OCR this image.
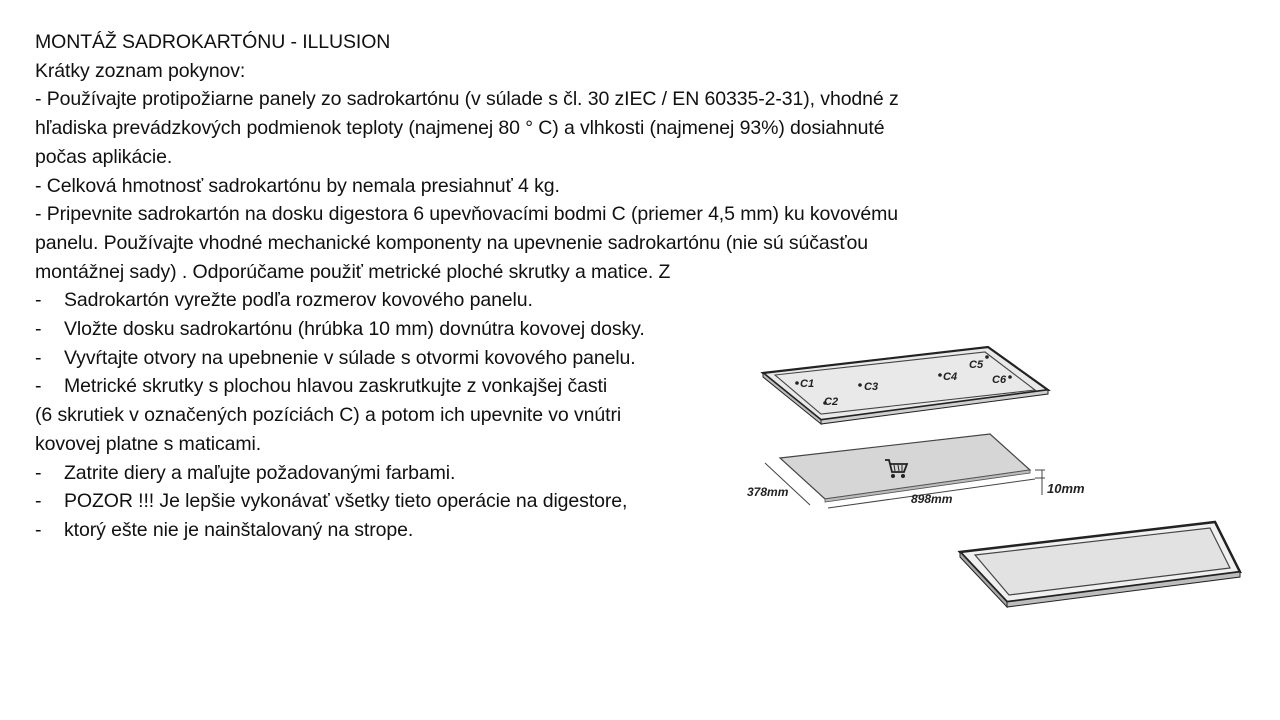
MONTÁŽ SADROKARTÓNU - ILLUSION
Krátky zoznam pokynov:
- Používajte protipožiarne panely zo sadrokartónu (v súlade s čl. 30 zIEC / EN 60335-2-31), vhodné z
hľadiska prevádzkových podmienok teploty (najmenej 80 ° C) a vlhkosti (najmenej 93%) dosiahnuté
počas aplikácie.
- Celková hmotnosť sadrokartónu by nemala presiahnuť 4 kg.
- Pripevnite sadrokartón na dosku digestora 6 upevňovacími bodmi C (priemer 4,5 mm) ku kovovému
panelu. Používajte vhodné mechanické komponenty na upevnenie sadrokartónu (nie sú súčasťou
montážnej sady) . Odporúčame použiť metrické ploché skrutky a matice. Z
- Sadrokartón vyrežte podľa rozmerov kovového panelu.
- Vložte dosku sadrokartónu (hrúbka 10 mm) dovnútra kovovej dosky.
- Vyvŕtajte otvory na upebnenie v súlade s otvormi kovového panelu.
- Metrické skrutky s plochou hlavou zaskrutkujte z vonkajšej časti
(6 skrutiek v označených pozíciách C) a potom ich upevnite vo vnútri
kovovej platne s maticami.
- Zatrite diery a maľujte požadovanými farbami.
- POZOR !!! Je lepšie vykonávať všetky tieto operácie na digestore,
- ktorý ešte nie je nainštalovaný na strope.
C1
C2
C3
C4
C5
C6
378mm	898mm
10mm
